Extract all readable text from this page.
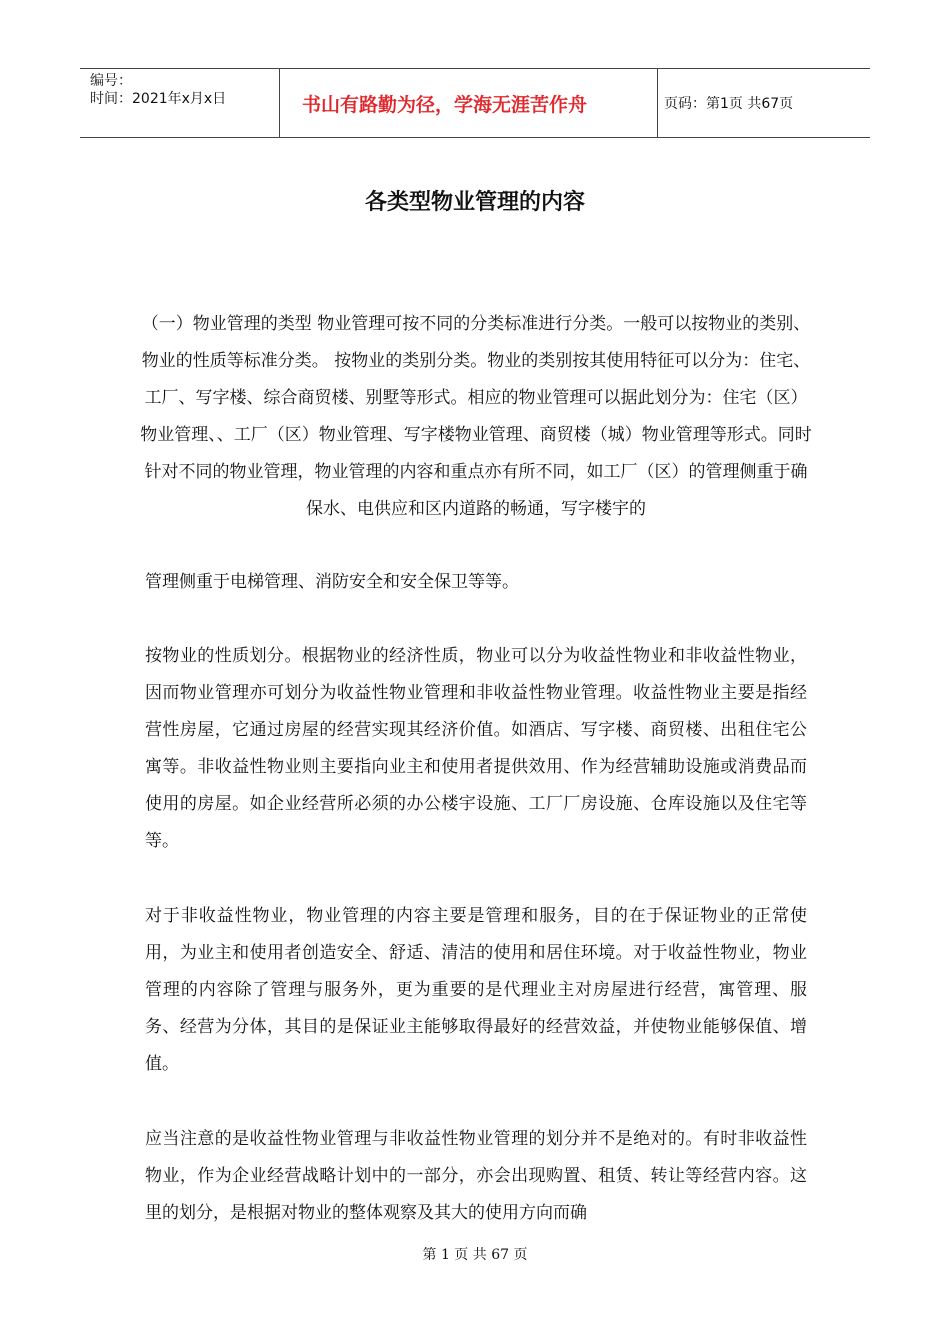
编号：
时间：2021年x月x日	书山有路勤为径，学海无涯苦作舟	页码：第1页 共67页
各类型物业管理的内容

（一）物业管理的类型 物业管理可按不同的分类标准进行分类。一般可以按物业的类别、物业的性质等标准分类。 按物业的类别分类。物业的类别按其使用特征可以分为：住宅、工厂、写字楼、综合商贸楼、别墅等形式。相应的物业管理可以据此划分为：住宅（区）物业管理、、工厂（区）物业管理、写字楼物业管理、商贸楼（城）物业管理等形式。同时针对不同的物业管理，物业管理的内容和重点亦有所不同，如工厂（区）的管理侧重于确保水、电供应和区内道路的畅通，写字楼宇的

管理侧重于电梯管理、消防安全和安全保卫等等。

按物业的性质划分。根据物业的经济性质，物业可以分为收益性物业和非收益性物业，因而物业管理亦可划分为收益性物业管理和非收益性物业管理。收益性物业主要是指经营性房屋，它通过房屋的经营实现其经济价值。如酒店、写字楼、商贸楼、出租住宅公寓等。非收益性物业则主要指向业主和使用者提供效用、作为经营辅助设施或消费品而使用的房屋。如企业经营所必须的办公楼宇设施、工厂厂房设施、仓库设施以及住宅等等。

对于非收益性物业，物业管理的内容主要是管理和服务，目的在于保证物业的正常使用，为业主和使用者创造安全、舒适、清洁的使用和居住环境。对于收益性物业，物业管理的内容除了管理与服务外，更为重要的是代理业主对房屋进行经营，寓管理、服务、经营为分体，其目的是保证业主能够取得最好的经营效益，并使物业能够保值、增值。

应当注意的是收益性物业管理与非收益性物业管理的划分并不是绝对的。有时非收益性物业，作为企业经营战略计划中的一部分，亦会出现购置、租赁、转让等经营内容。这里的划分，是根据对物业的整体观察及其大的使用方向而确

第 1 页 共 67 页
